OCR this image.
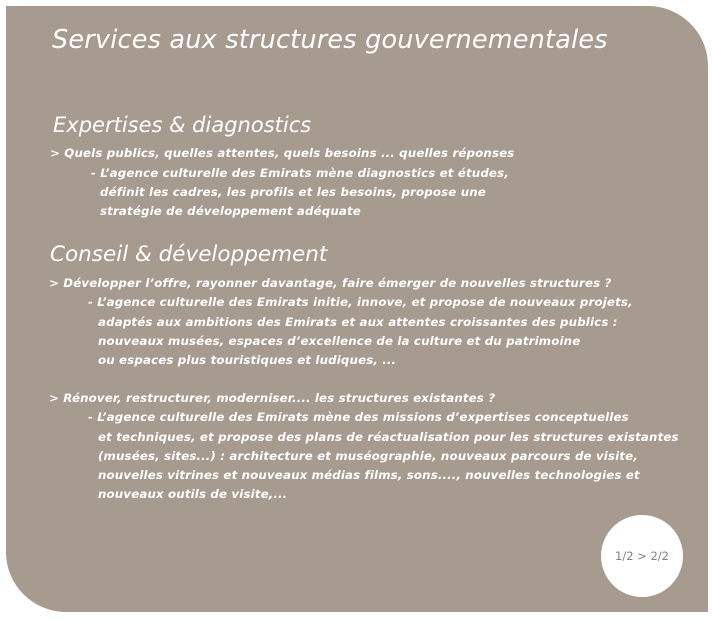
Services aux structures gouvernementales
Expertises & diagnostics

> Quels publics, quelles attentes, quels besoins ... quelles réponses

- L’agence culturelle des Emirats mène diagnostics et études,

définit les cadres, les profils et les besoins, propose une

stratégie de développement adéquate

Conseil & développement

> Développer l’offre, rayonner davantage, faire émerger de nouvelles structures ?

- L’agence culturelle des Emirats initie, innove, et propose de nouveaux projets,

adaptés aux ambitions des Emirats et aux attentes croissantes des publics :

nouveaux musées, espaces d’excellence de la culture et du patrimoine

ou espaces plus touristiques et ludiques, ...

> Rénover, restructurer, moderniser.... les structures existantes ?

- L’agence culturelle des Emirats mène des missions d’expertises conceptuelles

et techniques, et propose des plans de réactualisation pour les structures existantes

(musées, sites...) : architecture et muséographie, nouveaux parcours de visite,

nouvelles vitrines et nouveaux médias films, sons...., nouvelles technologies et

nouveaux outils de visite,...

1/2 > 2/2
